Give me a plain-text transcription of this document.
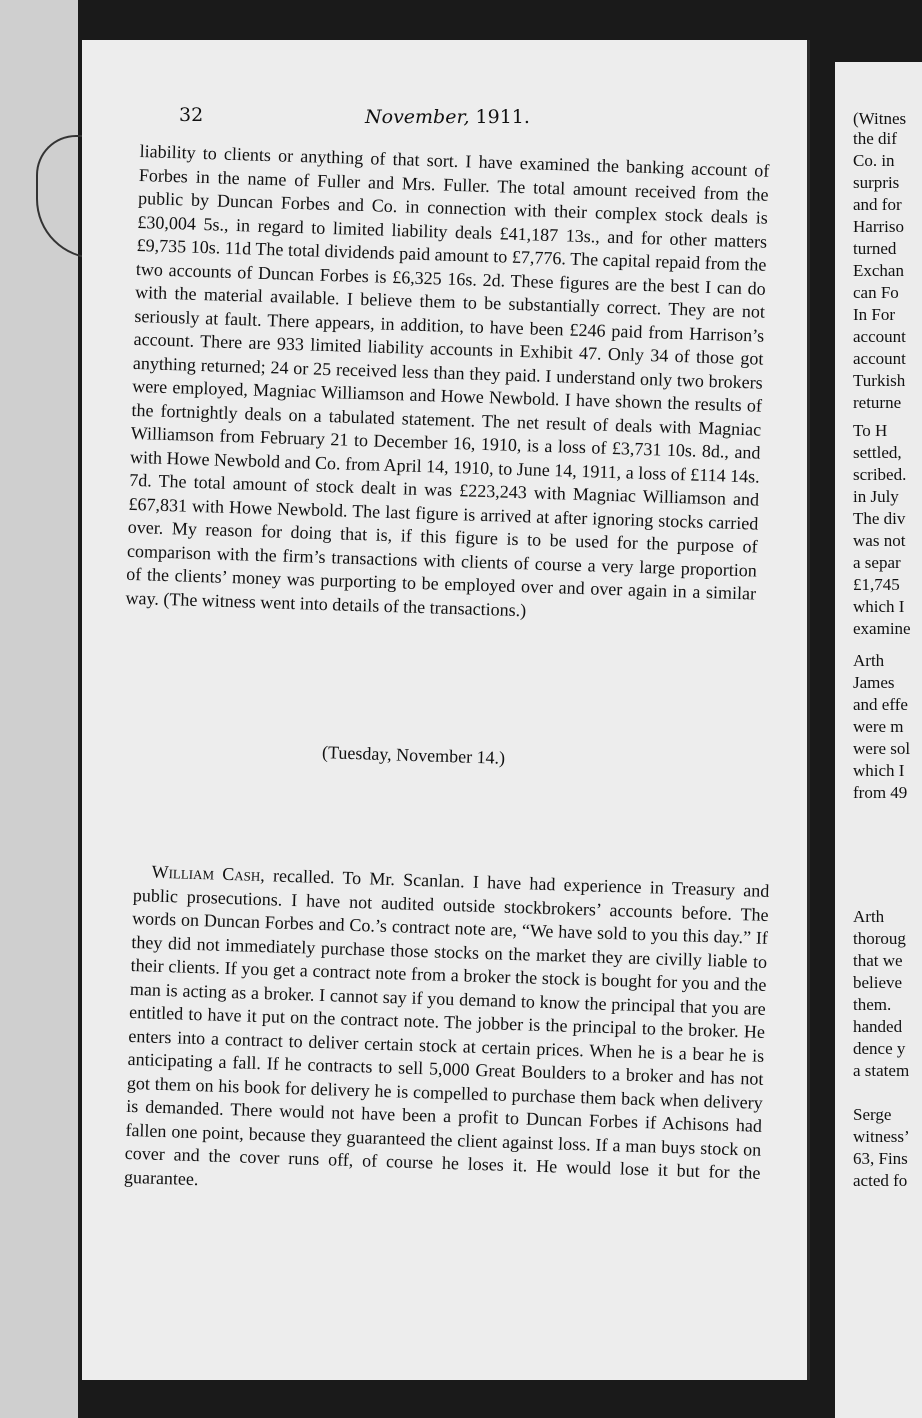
32	November, 1911.

liability to clients or anything of that sort. I have examined the banking account of Forbes in the name of Fuller and Mrs. Fuller. The total amount received from the public by Duncan Forbes and Co. in connection with their complex stock deals is £30,004 5s., in regard to limited liability deals £41,187 13s., and for other matters £9,735 10s. 11d The total dividends paid amount to £7,776. The capital repaid from the two accounts of Duncan Forbes is £6,325 16s. 2d. These figures are the best I can do with the material available. I believe them to be substantially correct. They are not seriously at fault. There appears, in addition, to have been £246 paid from Harrison’s account. There are 933 limited liability accounts in Exhibit 47. Only 34 of those got anything returned; 24 or 25 received less than they paid. I understand only two brokers were employed, Magniac Williamson and Howe Newbold. I have shown the results of the fortnightly deals on a tabulated statement. The net result of deals with Magniac Williamson from February 21 to December 16, 1910, is a loss of £3,731 10s. 8d., and with Howe Newbold and Co. from April 14, 1910, to June 14, 1911, a loss of £114 14s. 7d. The total amount of stock dealt in was £223,243 with Magniac Williamson and £67,831 with Howe Newbold. The last figure is arrived at after ignoring stocks carried over. My reason for doing that is, if this figure is to be used for the purpose of comparison with the firm’s transactions with clients of course a very large proportion of the clients’ money was purporting to be employed over and over again in a similar way. (The witness went into details of the transactions.)

(Tuesday, November 14.)

 William Cash, recalled. To Mr. Scanlan. I have had experience in Treasury and public prosecutions. I have not audited outside stockbrokers’ accounts before. The words on Duncan Forbes and Co.’s contract note are, “We have sold to you this day.” If they did not immediately purchase those stocks on the market they are civilly liable to their clients. If you get a contract note from a broker the stock is bought for you and the man is acting as a broker. I cannot say if you demand to know the principal that you are entitled to have it put on the contract note. The jobber is the principal to the broker. He enters into a contract to deliver certain stock at certain prices. When he is a bear he is anticipating a fall. If he contracts to sell 5,000 Great Boulders to a broker and has not got them on his book for delivery he is compelled to purchase them back when delivery is demanded. There would not have been a profit to Duncan Forbes if Achisons had fallen one point, because they guaranteed the client against loss. If a man buys stock on cover and the cover runs off, of course he loses it. He would lose it but for the guarantee.

(Witnes
the dif
Co. in
surpris
and for
Harriso
turned
Exchan
can Fo
In For
account
account
Turkish
returne
To H
settled,
scribed.
in July
The div
was not
a separ
£1,745
which I
examine
Arth
James
and effe
were m
were sol
which I
from 49
Arth
thoroug
that we
believe
them.
handed
dence y
a statem
Serge
witness’
63, Fins
acted fo
